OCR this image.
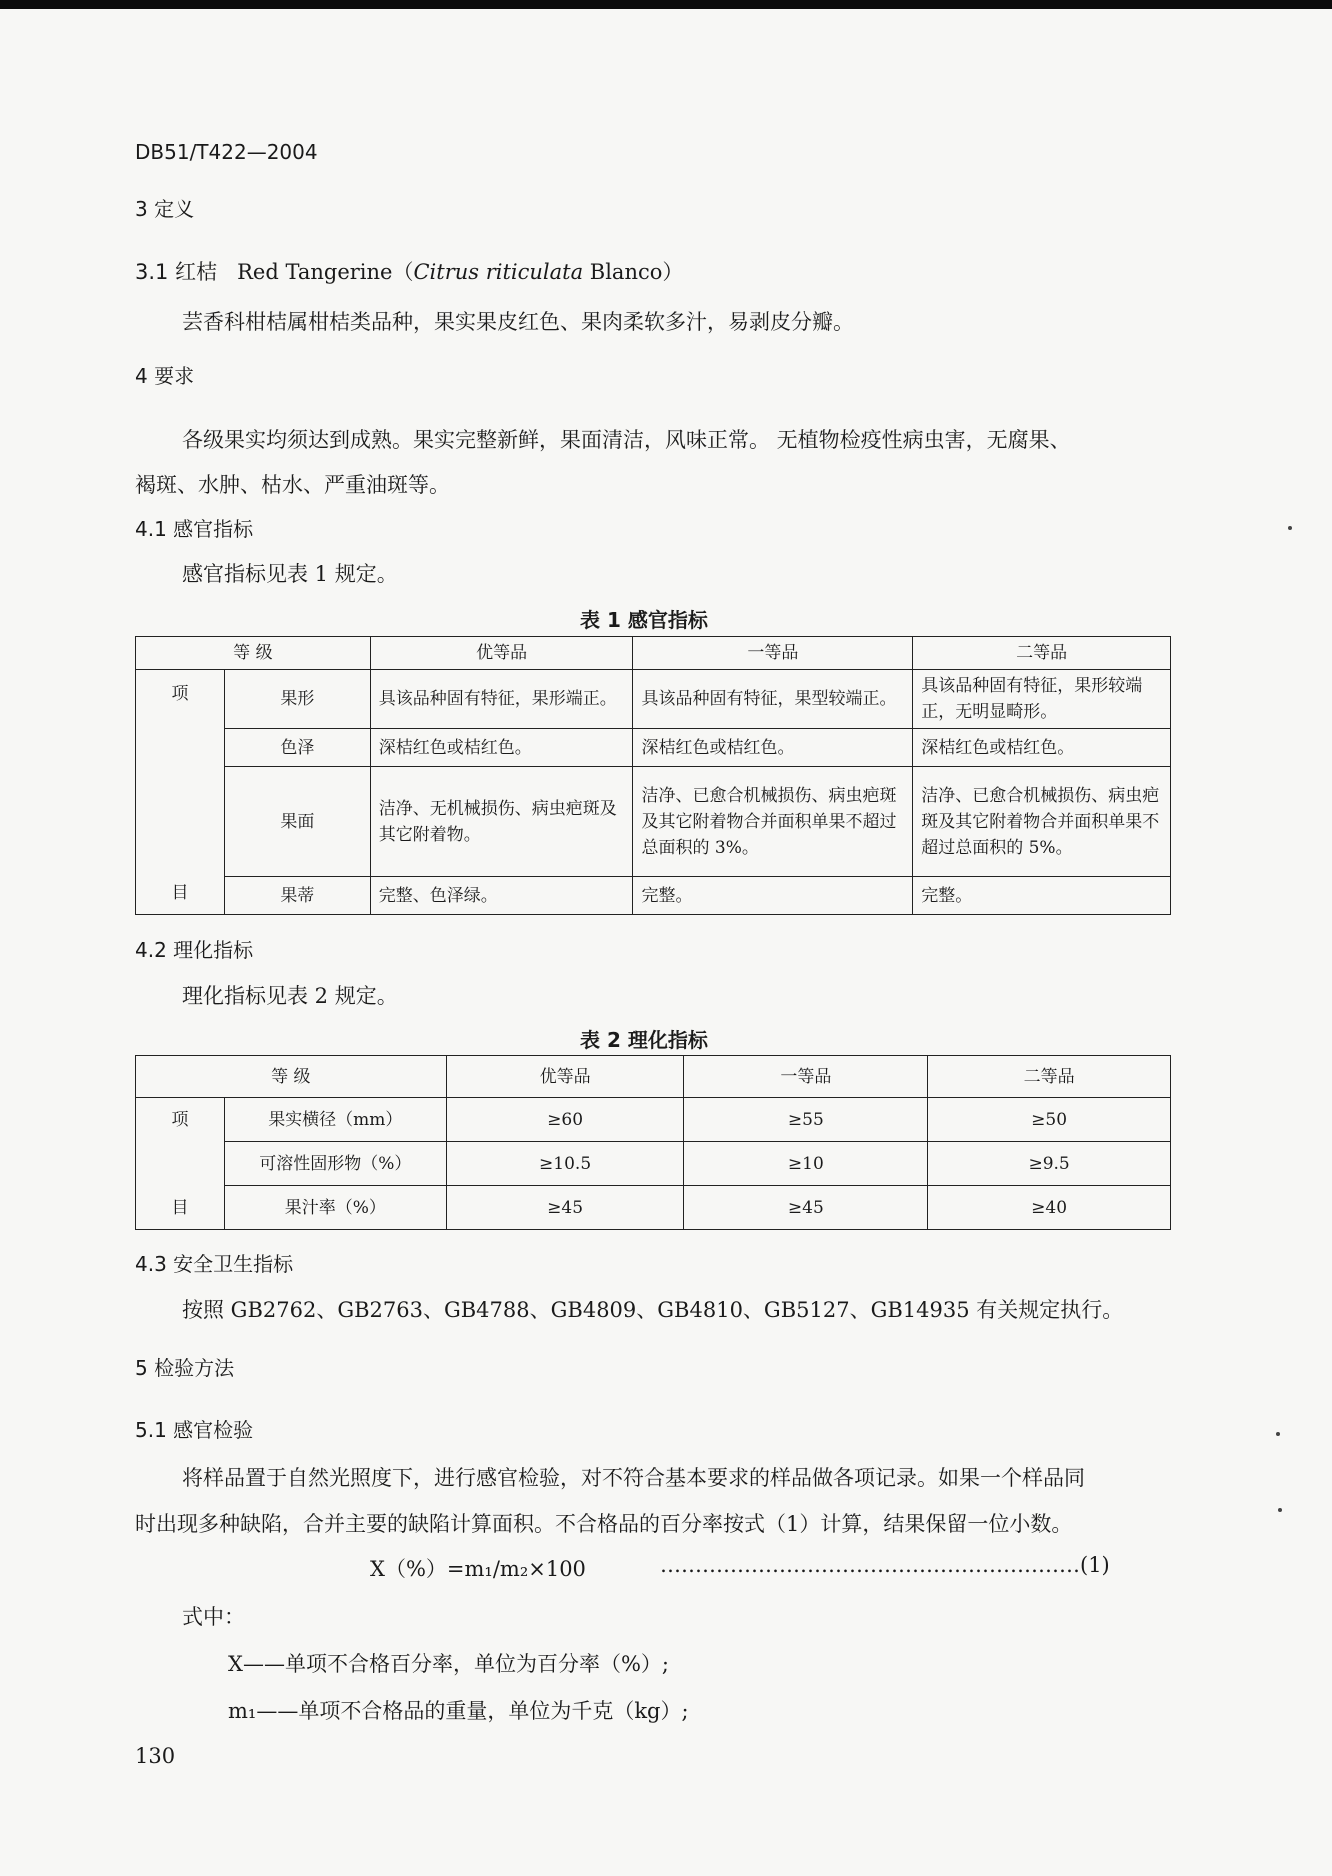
DB51/T422—2004
3 定义
3.1 红桔 Red Tangerine（Citrus riticulata Blanco）
芸香科柑桔属柑桔类品种，果实果皮红色、果肉柔软多汁，易剥皮分瓣。
4 要求
各级果实均须达到成熟。果实完整新鲜，果面清洁，风味正常。 无植物检疫性病虫害，无腐果、
褐斑、水肿、枯水、严重油斑等。
4.1 感官指标
感官指标见表 1 规定。
表 1 感官指标
等 级		优等品	一等品	二等品

项
目	果形	具该品种固有特征，果形端正。	具该品种固有特征，果型较端正。	具该品种固有特征，果形较端正，无明显畸形。
	色泽	深桔红色或桔红色。	深桔红色或桔红色。	深桔红色或桔红色。
	果面	洁净、无机械损伤、病虫疤斑及其它附着物。	洁净、已愈合机械损伤、病虫疤斑及其它附着物合并面积单果不超过总面积的 3%。	洁净、已愈合机械损伤、病虫疤斑及其它附着物合并面积单果不超过总面积的 5%。
	果蒂	完整、色泽绿。	完整。	完整。
4.2 理化指标
理化指标见表 2 规定。
表 2 理化指标
等 级		优等品	一等品	二等品

项
目	果实横径（mm）	≥60	≥55	≥50
	可溶性固形物（%）	≥10.5	≥10	≥9.5
	果汁率（%）	≥45	≥45	≥40
4.3 安全卫生指标
按照 GB2762、GB2763、GB4788、GB4809、GB4810、GB5127、GB14935 有关规定执行。
5 检验方法
5.1 感官检验
将样品置于自然光照度下，进行感官检验，对不符合基本要求的样品做各项记录。如果一个样品同
时出现多种缺陷，合并主要的缺陷计算面积。不合格品的百分率按式（1）计算，结果保留一位小数。
X（%）=m₁/m₂×100	……………………………………………………(1)
式中：
X——单项不合格百分率，单位为百分率（%）;
m₁——单项不合格品的重量，单位为千克（kg）;
130
